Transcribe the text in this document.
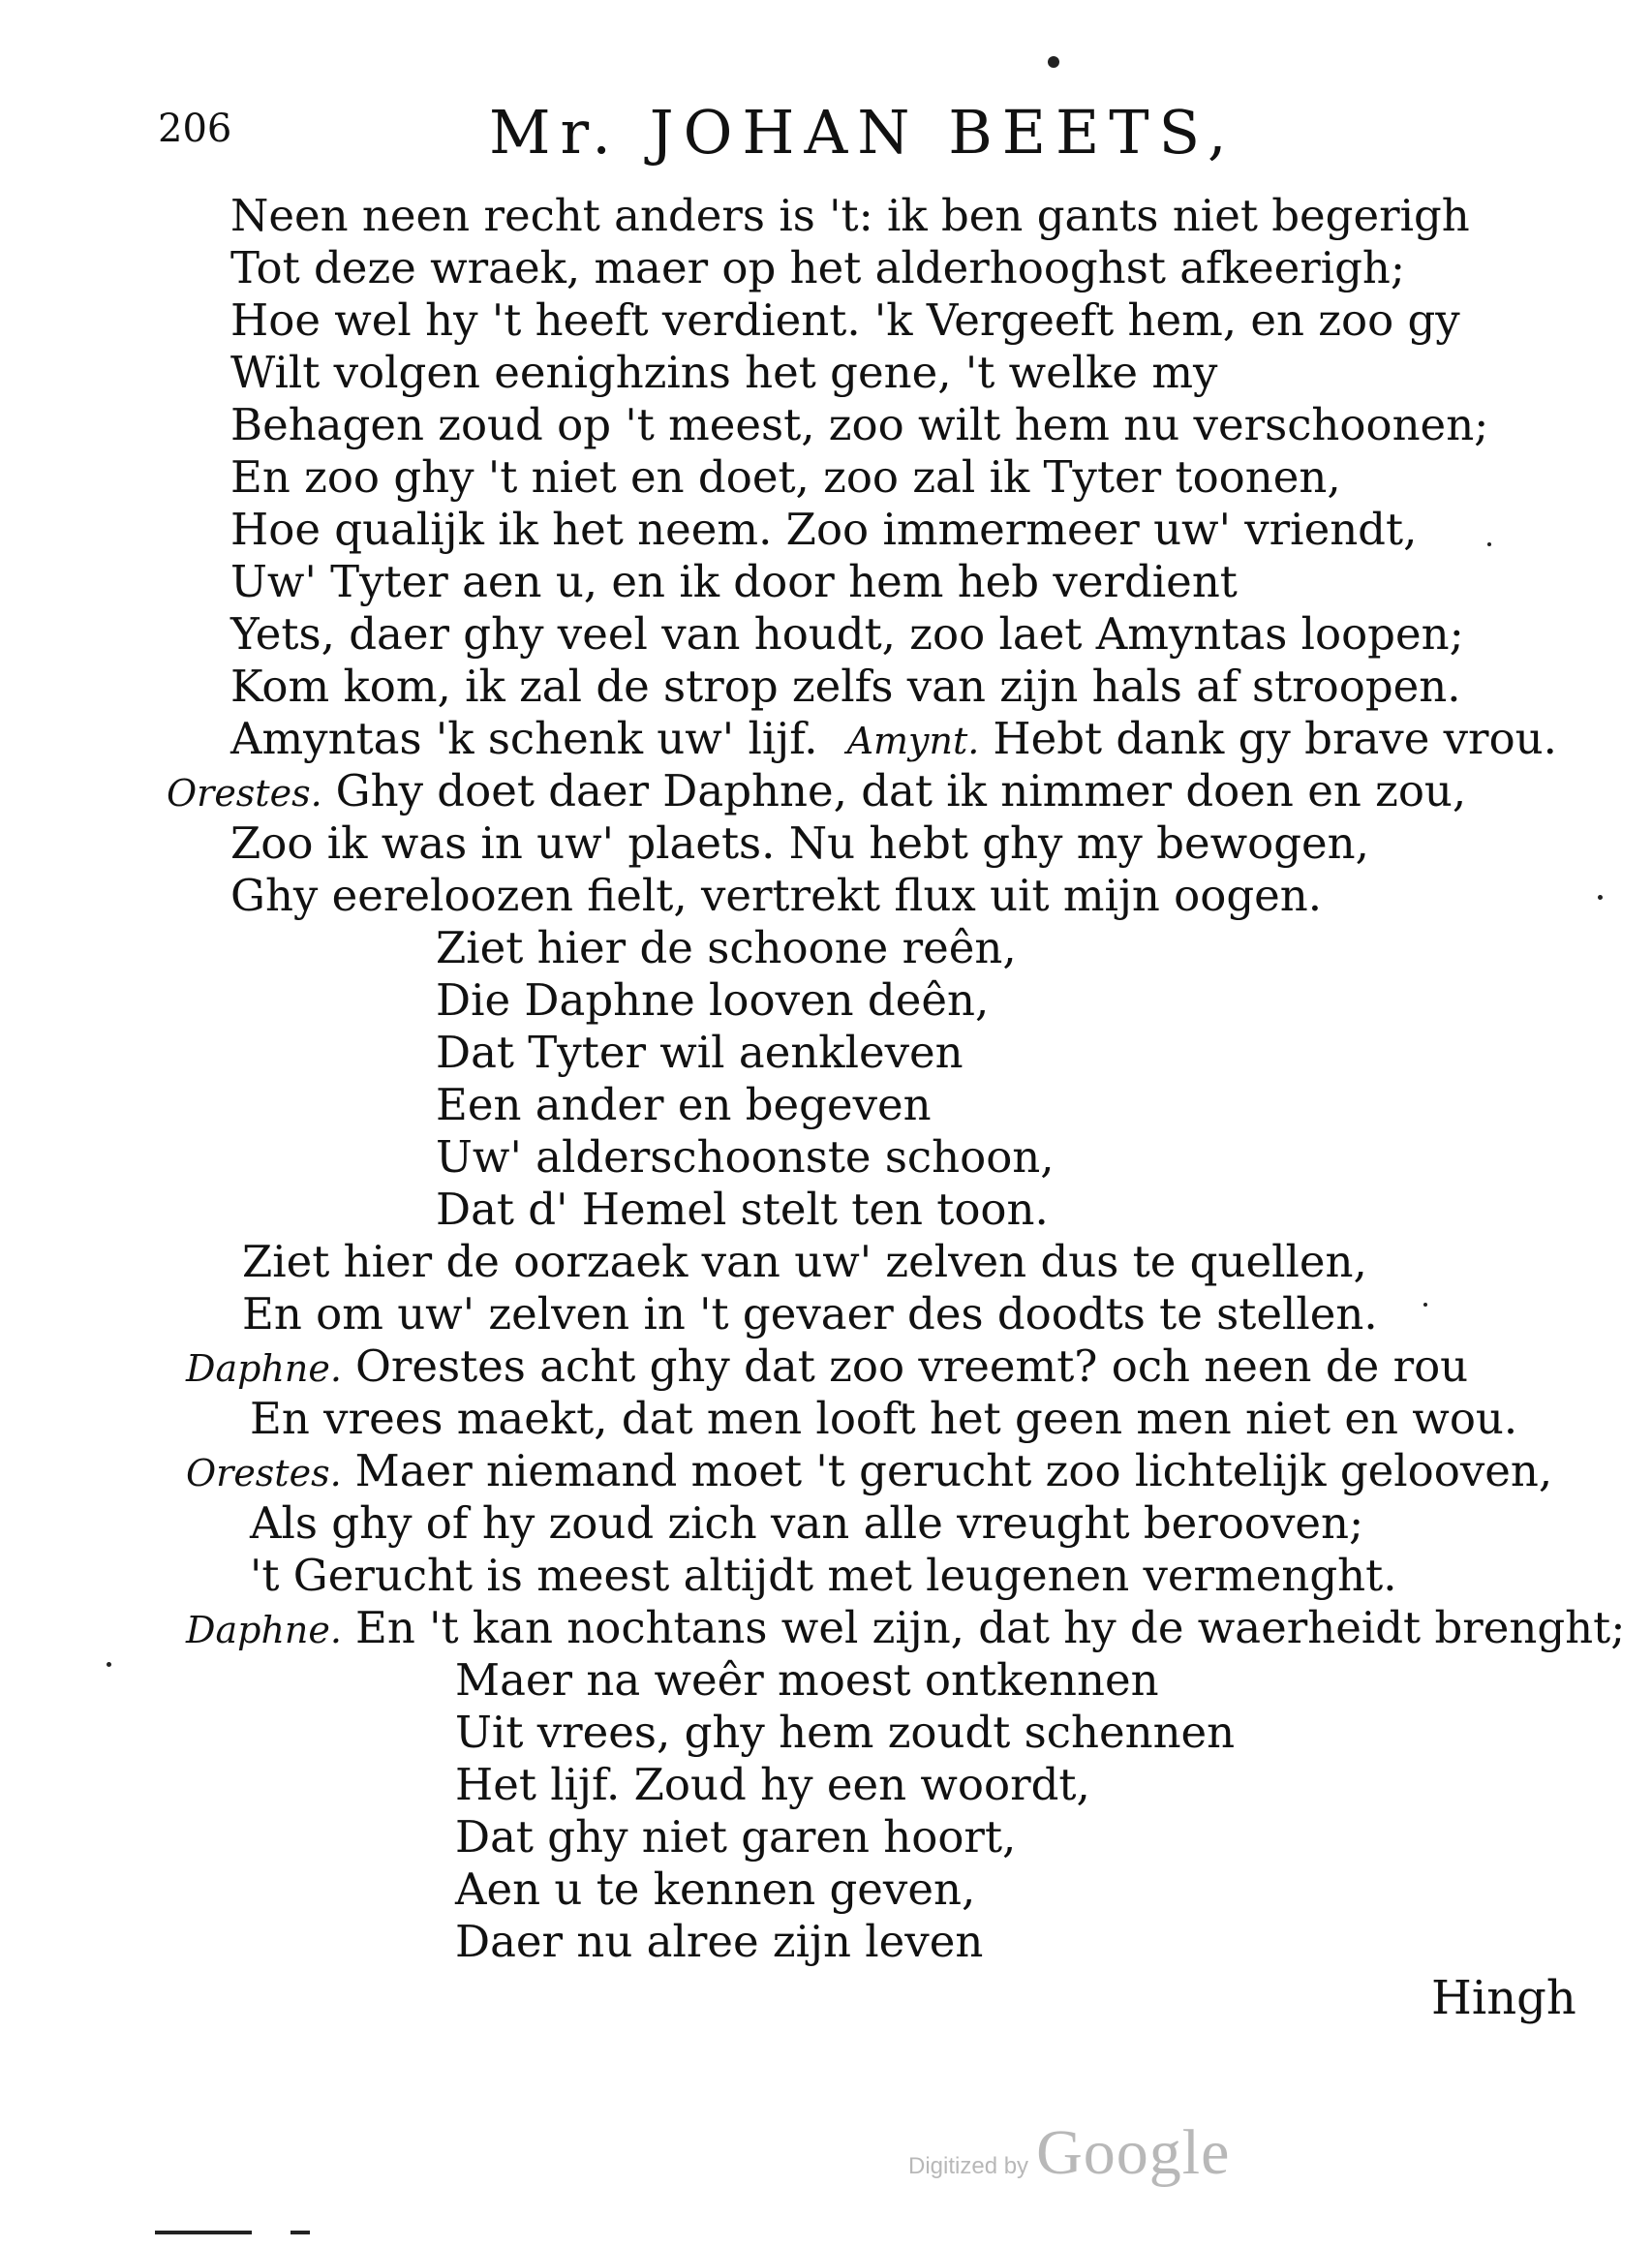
206	Mr. JOHAN BEETS,
Neen neen recht anders is 't: ik ben gants niet begerigh
Tot deze wraek, maer op het alderhooghst afkeerigh;
Hoe wel hy 't heeft verdient. 'k Vergeeft hem, en zoo gy
Wilt volgen eenighzins het gene, 't welke my
Behagen zoud op 't meest, zoo wilt hem nu verschoonen;
En zoo ghy 't niet en doet, zoo zal ik Tyter toonen,
Hoe qualijk ik het neem. Zoo immermeer uw' vriendt,
Uw' Tyter aen u, en ik door hem heb verdient
Yets, daer ghy veel van houdt, zoo laet Amyntas loopen;
Kom kom, ik zal de strop zelfs van zijn hals af stroopen.
Amyntas 'k schenk uw' lijf. Amynt. Hebt dank gy brave vrou.
Orestes. Ghy doet daer Daphne, dat ik nimmer doen en zou,
Zoo ik was in uw' plaets. Nu hebt ghy my bewogen,
Ghy eereloozen fielt, vertrekt flux uit mijn oogen.
Ziet hier de schoone reên,
Die Daphne looven deên,
Dat Tyter wil aenkleven
Een ander en begeven
Uw' alderschoonste schoon,
Dat d' Hemel stelt ten toon.
Ziet hier de oorzaek van uw' zelven dus te quellen,
En om uw' zelven in 't gevaer des doodts te stellen.
Daphne. Orestes acht ghy dat zoo vreemt? och neen de rou
En vrees maekt, dat men looft het geen men niet en wou.
Orestes. Maer niemand moet 't gerucht zoo lichtelijk gelooven,
Als ghy of hy zoud zich van alle vreught berooven;
't Gerucht is meest altijdt met leugenen vermenght.
Daphne. En 't kan nochtans wel zijn, dat hy de waerheidt brenght;
Maer na weêr moest ontkennen
Uit vrees, ghy hem zoudt schennen
Het lijf. Zoud hy een woordt,
Dat ghy niet garen hoort,
Aen u te kennen geven,
Daer nu alree zijn leven
Hingh
Digitized by Google
